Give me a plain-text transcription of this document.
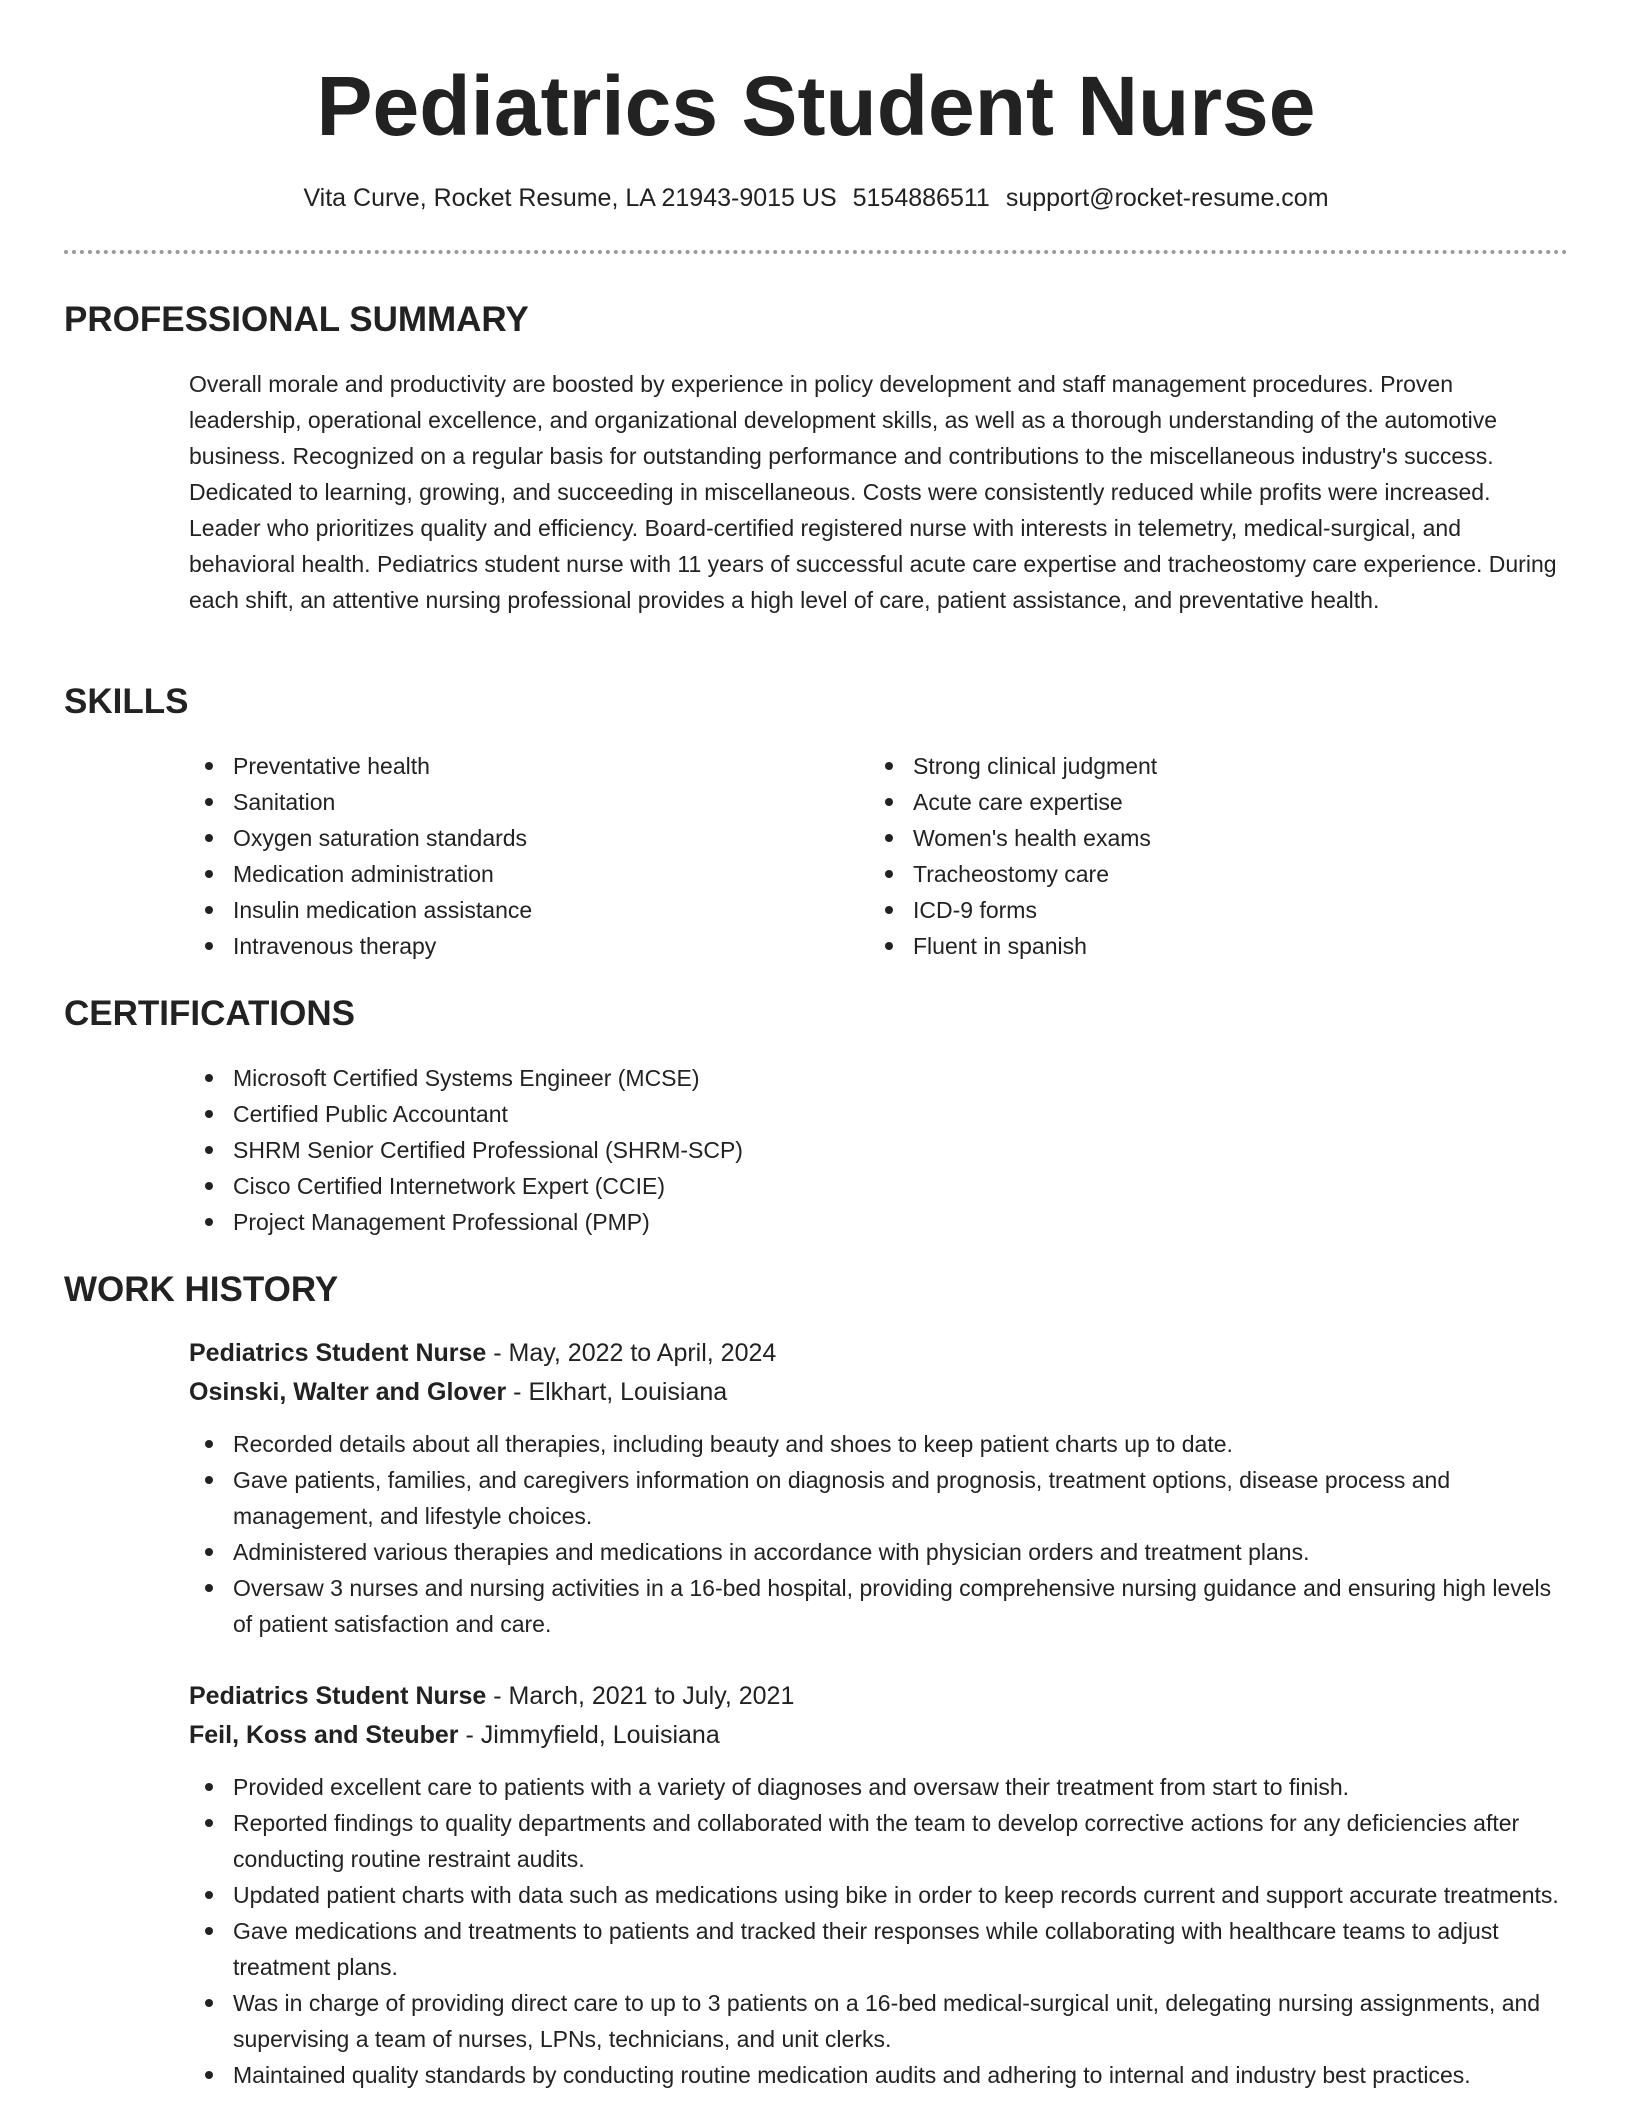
Pediatrics Student Nurse
Vita Curve, Rocket Resume, LA 21943-9015 US 5154886511 support@rocket-resume.com
PROFESSIONAL SUMMARY

Overall morale and productivity are boosted by experience in policy development and staff management procedures. Proven leadership, operational excellence, and organizational development skills, as well as a thorough understanding of the automotive business. Recognized on a regular basis for outstanding performance and contributions to the miscellaneous industry's success. Dedicated to learning, growing, and succeeding in miscellaneous. Costs were consistently reduced while profits were increased. Leader who prioritizes quality and efficiency. Board-certified registered nurse with interests in telemetry, medical-surgical, and behavioral health. Pediatrics student nurse with 11 years of successful acute care expertise and tracheostomy care experience. During each shift, an attentive nursing professional provides a high level of care, patient assistance, and preventative health.

SKILLS
Preventative health
Sanitation
Oxygen saturation standards
Medication administration
Insulin medication assistance
Intravenous therapy
Strong clinical judgment
Acute care expertise
Women's health exams
Tracheostomy care
ICD-9 forms
Fluent in spanish
CERTIFICATIONS
Microsoft Certified Systems Engineer (MCSE)
Certified Public Accountant
SHRM Senior Certified Professional (SHRM-SCP)
Cisco Certified Internetwork Expert (CCIE)
Project Management Professional (PMP)
WORK HISTORY
Pediatrics Student Nurse - May, 2022 to April, 2024
Osinski, Walter and Glover - Elkhart, Louisiana
Recorded details about all therapies, including beauty and shoes to keep patient charts up to date.
Gave patients, families, and caregivers information on diagnosis and prognosis, treatment options, disease process and management, and lifestyle choices.
Administered various therapies and medications in accordance with physician orders and treatment plans.
Oversaw 3 nurses and nursing activities in a 16-bed hospital, providing comprehensive nursing guidance and ensuring high levels of patient satisfaction and care.
Pediatrics Student Nurse - March, 2021 to July, 2021
Feil, Koss and Steuber - Jimmyfield, Louisiana
Provided excellent care to patients with a variety of diagnoses and oversaw their treatment from start to finish.
Reported findings to quality departments and collaborated with the team to develop corrective actions for any deficiencies after conducting routine restraint audits.
Updated patient charts with data such as medications using bike in order to keep records current and support accurate treatments.
Gave medications and treatments to patients and tracked their responses while collaborating with healthcare teams to adjust treatment plans.
Was in charge of providing direct care to up to 3 patients on a 16-bed medical-surgical unit, delegating nursing assignments, and supervising a team of nurses, LPNs, technicians, and unit clerks.
Maintained quality standards by conducting routine medication audits and adhering to internal and industry best practices.
